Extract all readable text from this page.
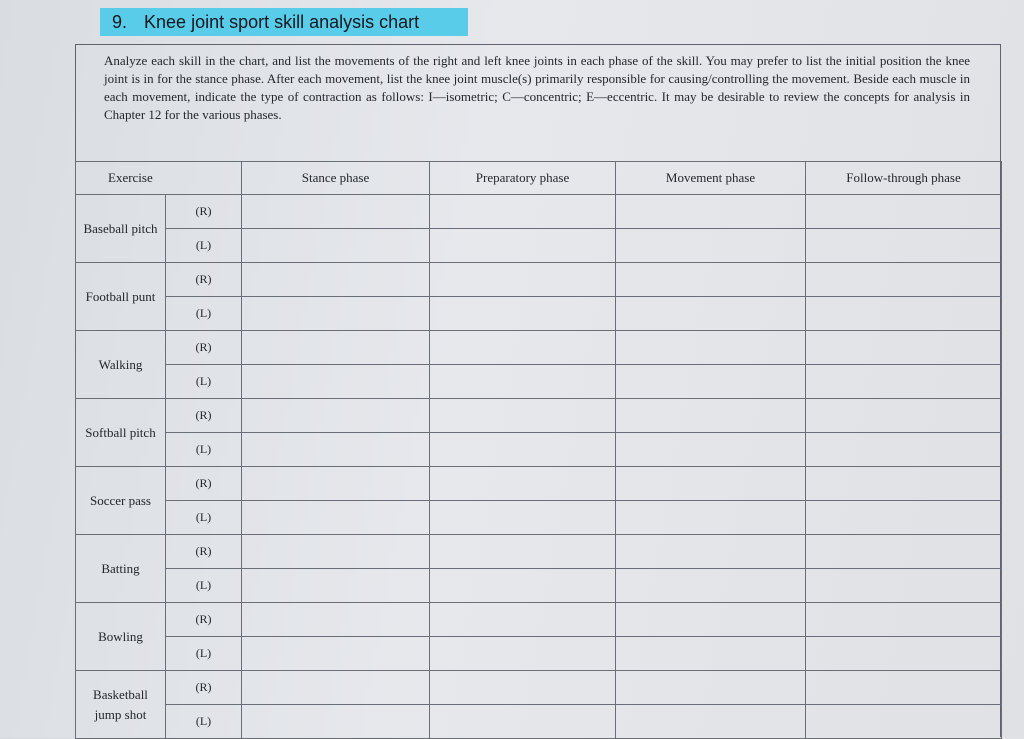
9. Knee joint sport skill analysis chart

Analyze each skill in the chart, and list the movements of the right and left knee joints in each phase of the skill. You may prefer to list the initial position the knee joint is in for the stance phase. After each movement, list the knee joint muscle(s) primarily responsible for causing/controlling the movement. Beside each muscle in each movement, indicate the type of contraction as follows: I—isometric; C—concentric; E—eccentric. It may be desirable to review the concepts for analysis in Chapter 12 for the various phases.

Exercise		Stance phase	Preparatory phase	Movement phase	Follow-through phase
Baseball pitch	(R)				
	(L)				
Football punt	(R)				
	(L)				
Walking	(R)				
	(L)				
Softball pitch	(R)				
	(L)				
Soccer pass	(R)				
	(L)				
Batting	(R)				
	(L)				
Bowling	(R)				
	(L)				
Basketball jump shot	(R)				
	(L)				
